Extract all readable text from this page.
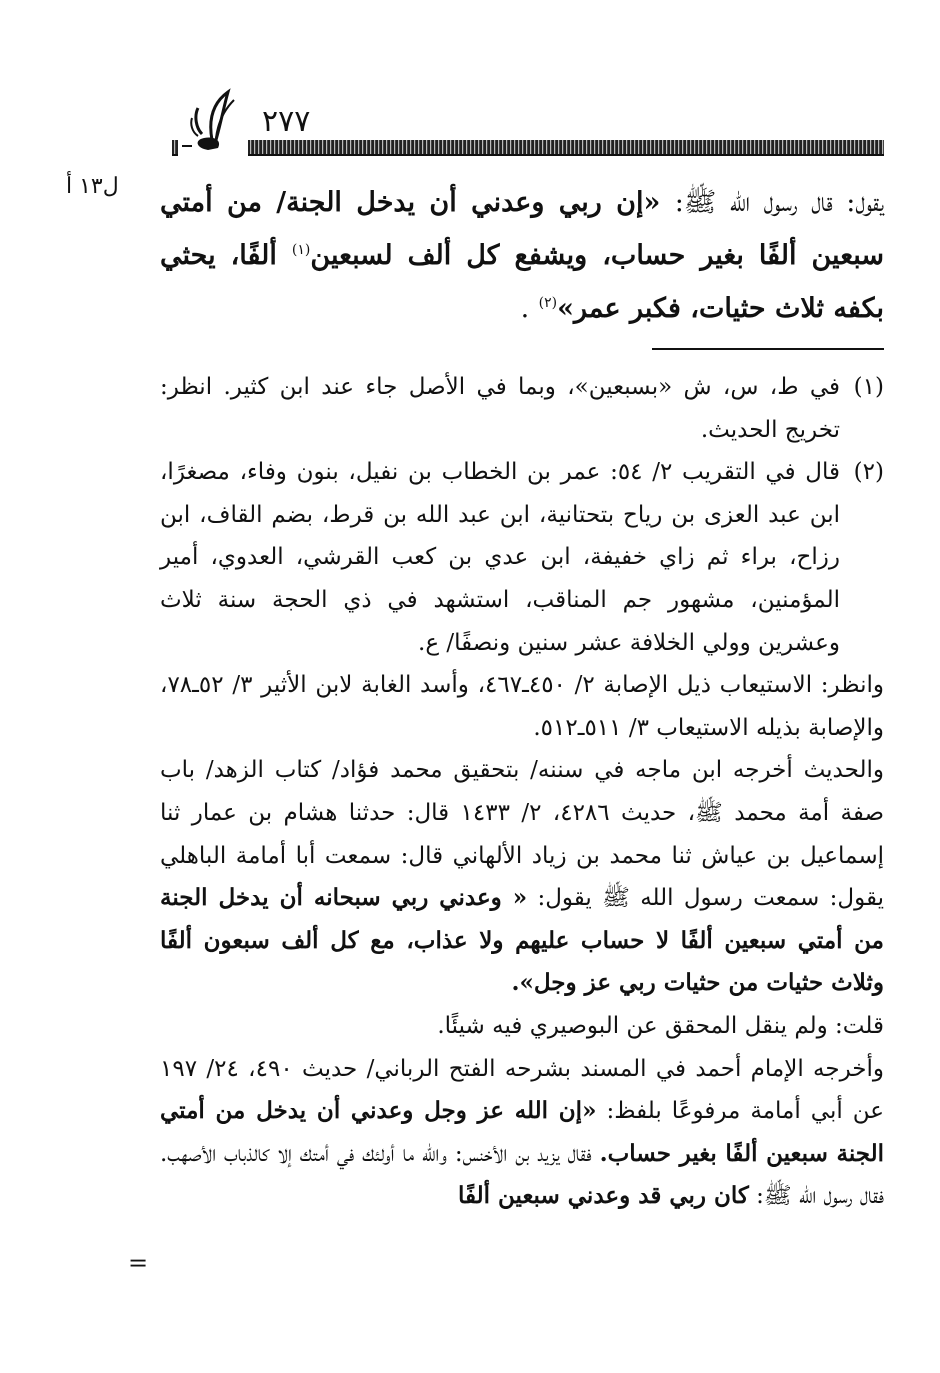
٢٧٧
ل١٣ أ
يقول: قال رسول الله ﷺ: «إن ربي وعدني أن يدخل الجنة/ من أمتي سبعين ألفًا بغير حساب، ويشفع كل ألف لسبعين$^{(١)}$ ألفًا، يحثي بكفه ثلاث حثيات، فكبر عمر»$^{(٢)}$ .
(١)

في ط، س، ش «بسبعين»، وبما في الأصل جاء عند ابن كثير. انظر: تخريج الحديث.

(٢)

قال في التقريب ٢/ ٥٤: عمر بن الخطاب بن نفيل، بنون وفاء، مصغرًا، ابن عبد العزى بن رياح بتحتانية، ابن عبد الله بن قرط، بضم القاف، ابن رزاح، براء ثم زاي خفيفة، ابن عدي بن كعب القرشي، العدوي، أمير المؤمنين، مشهور جم المناقب، استشهد في ذي الحجة سنة ثلاث وعشرين وولي الخلافة عشر سنين ونصفًا/ ع.

وانظر: الاستيعاب ذيل الإصابة ٢/ ٤٥٠ـ٤٦٧، وأسد الغابة لابن الأثير ٣/ ٥٢ـ٧٨، والإصابة بذيله الاستيعاب ٣/ ٥١١ـ٥١٢.

والحديث أخرجه ابن ماجه في سننه/ بتحقيق محمد فؤاد/ كتاب الزهد/ باب صفة أمة محمد ﷺ، حديث ٤٢٨٦، ٢/ ١٤٣٣ قال: حدثنا هشام بن عمار ثنا إسماعيل بن عياش ثنا محمد بن زياد الألهاني قال: سمعت أبا أمامة الباهلي يقول: سمعت رسول الله ﷺ يقول: « وعدني ربي سبحانه أن يدخل الجنة من أمتي سبعين ألفًا لا حساب عليهم ولا عذاب، مع كل ألف سبعون ألفًا وثلاث حثيات من حثيات ربي عز وجل».

قلت: ولم ينقل المحقق عن البوصيري فيه شيئًا.

وأخرجه الإمام أحمد في المسند بشرحه الفتح الرباني/ حديث ٤٩٠، ٢٤/ ١٩٧ عن أبي أمامة مرفوعًا بلفظ: «إن الله عز وجل وعدني أن يدخل من أمتي الجنة سبعين ألفًا بغير حساب. فقال يزيد بن الأخنس: والله ما أولئك في أمتك إلا كالذباب الأصهب. فقال رسول الله ﷺ: كان ربي قد وعدني سبعين ألفًا

=
